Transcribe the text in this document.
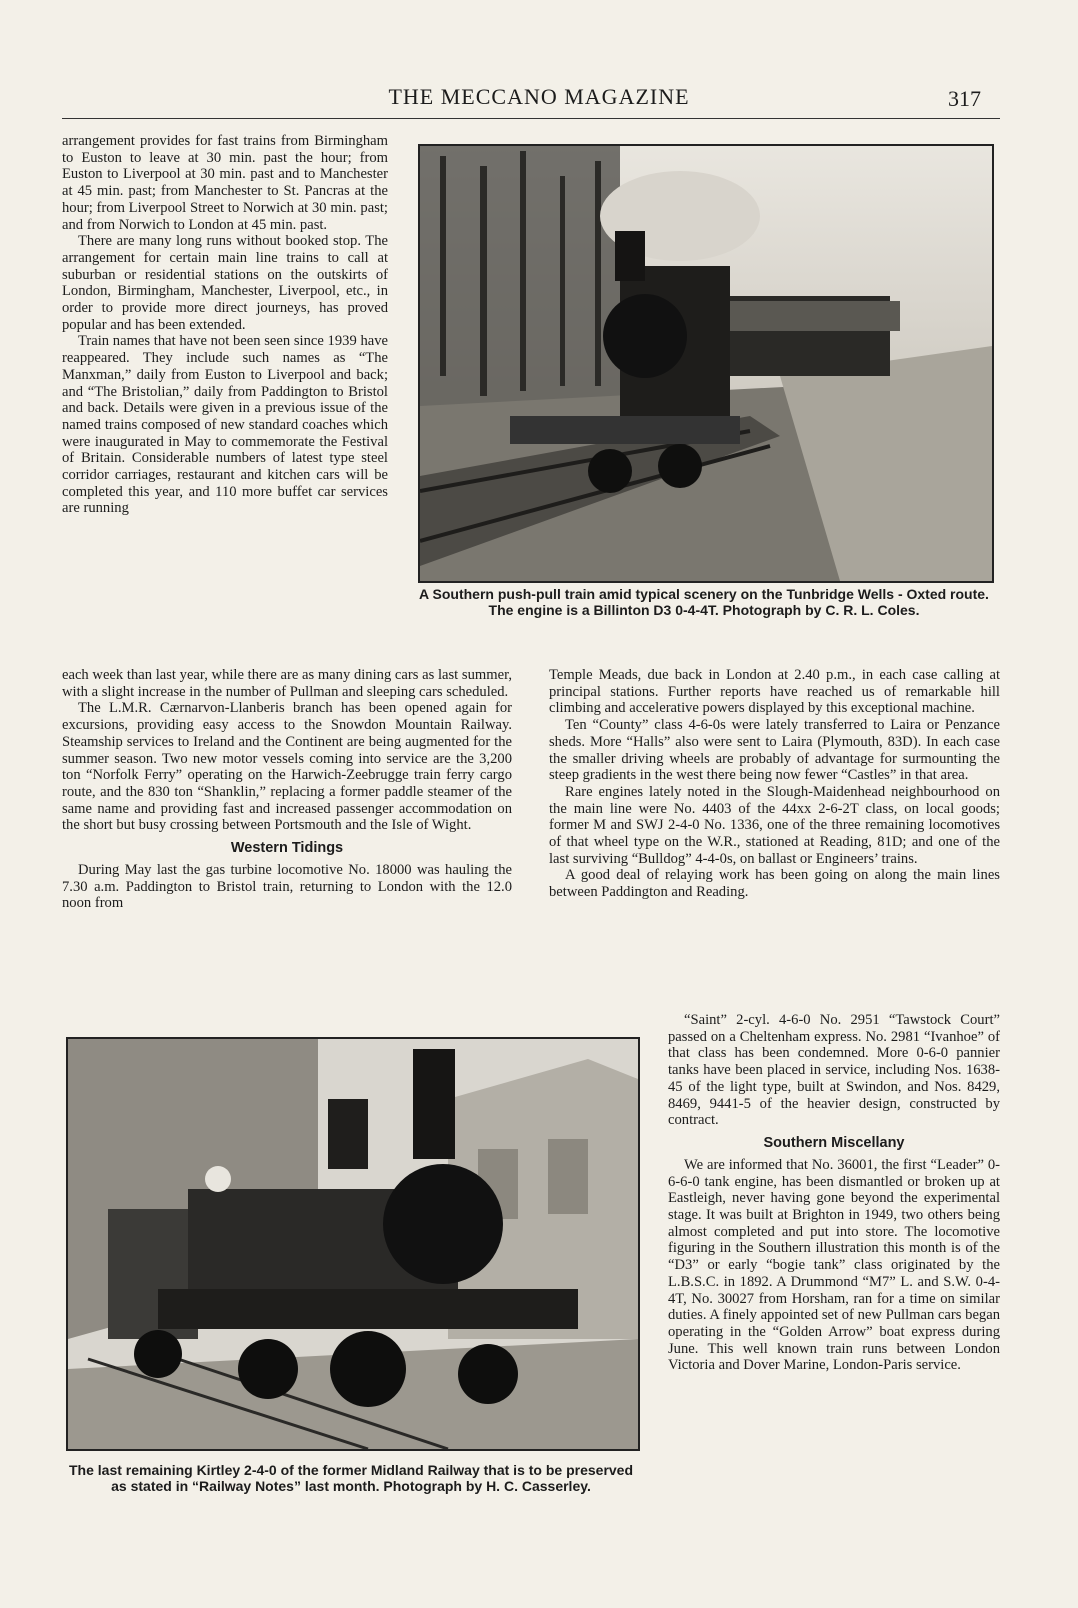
THE MECCANO MAGAZINE	317

arrangement provides for fast trains from Birmingham to Euston to leave at 30 min. past the hour; from Euston to Liverpool at 30 min. past and to Manchester at 45 min. past; from Manchester to St. Pancras at the hour; from Liverpool Street to Norwich at 30 min. past; and from Norwich to London at 45 min. past.

There are many long runs without booked stop. The arrangement for certain main line trains to call at suburban or residential stations on the outskirts of London, Birmingham, Manchester, Liverpool, etc., in order to provide more direct journeys, has proved popular and has been extended.

Train names that have not been seen since 1939 have reappeared. They include such names as “The Manxman,” daily from Euston to Liverpool and back; and “The Bristolian,” daily from Paddington to Bristol and back. Details were given in a previous issue of the named trains composed of new standard coaches which were inaugurated in May to commemorate the Festival of Britain. Considerable numbers of latest type steel corridor carriages, restaurant and kitchen cars will be completed this year, and 110 more buffet car services are running

A Southern push-pull train amid typical scenery on the Tunbridge Wells - Oxted route. The engine is a Billinton D3 0-4-4T. Photograph by C. R. L. Coles.

each week than last year, while there are as many dining cars as last summer, with a slight increase in the number of Pullman and sleeping cars scheduled.

The L.M.R. Cærnarvon-Llanberis branch has been opened again for excursions, providing easy access to the Snowdon Mountain Railway. Steamship services to Ireland and the Continent are being augmented for the summer season. Two new motor vessels coming into service are the 3,200 ton “Norfolk Ferry” operating on the Harwich-Zeebrugge train ferry cargo route, and the 830 ton “Shanklin,” replacing a former paddle steamer of the same name and providing fast and increased passenger accommodation on the short but busy crossing between Portsmouth and the Isle of Wight.

Western Tidings

During May last the gas turbine locomotive No. 18000 was hauling the 7.30 a.m. Paddington to Bristol train, returning to London with the 12.0 noon from

Temple Meads, due back in London at 2.40 p.m., in each case calling at principal stations. Further reports have reached us of remarkable hill climbing and accelerative powers displayed by this exceptional machine.

Ten “County” class 4-6-0s were lately transferred to Laira or Penzance sheds. More “Halls” also were sent to Laira (Plymouth, 83D). In each case the smaller driving wheels are probably of advantage for surmounting the steep gradients in the west there being now fewer “Castles” in that area.

Rare engines lately noted in the Slough-Maidenhead neighbourhood on the main line were No. 4403 of the 44xx 2-6-2T class, on local goods; former M and SWJ 2-4-0 No. 1336, one of the three remaining locomotives of that wheel type on the W.R., stationed at Reading, 81D; and one of the last surviving “Bulldog” 4-4-0s, on ballast or Engineers’ trains.

A good deal of relaying work has been going on along the main lines between Paddington and Reading.

The last remaining Kirtley 2-4-0 of the former Midland Railway that is to be preserved as stated in “Railway Notes” last month. Photograph by H. C. Casserley.

“Saint” 2-cyl. 4-6-0 No. 2951 “Tawstock Court” passed on a Cheltenham express. No. 2981 “Ivanhoe” of that class has been condemned. More 0-6-0 pannier tanks have been placed in service, including Nos. 1638-45 of the light type, built at Swindon, and Nos. 8429, 8469, 9441-5 of the heavier design, constructed by contract.

Southern Miscellany

We are informed that No. 36001, the first “Leader” 0-6-6-0 tank engine, has been dismantled or broken up at Eastleigh, never having gone beyond the experimental stage. It was built at Brighton in 1949, two others being almost completed and put into store. The locomotive figuring in the Southern illustration this month is of the “D3” or early “bogie tank” class originated by the L.B.S.C. in 1892. A Drummond “M7” L. and S.W. 0-4-4T, No. 30027 from Horsham, ran for a time on similar duties. A finely appointed set of new Pullman cars began operating in the “Golden Arrow” boat express during June. This well known train runs between London Victoria and Dover Marine, London-Paris service.
